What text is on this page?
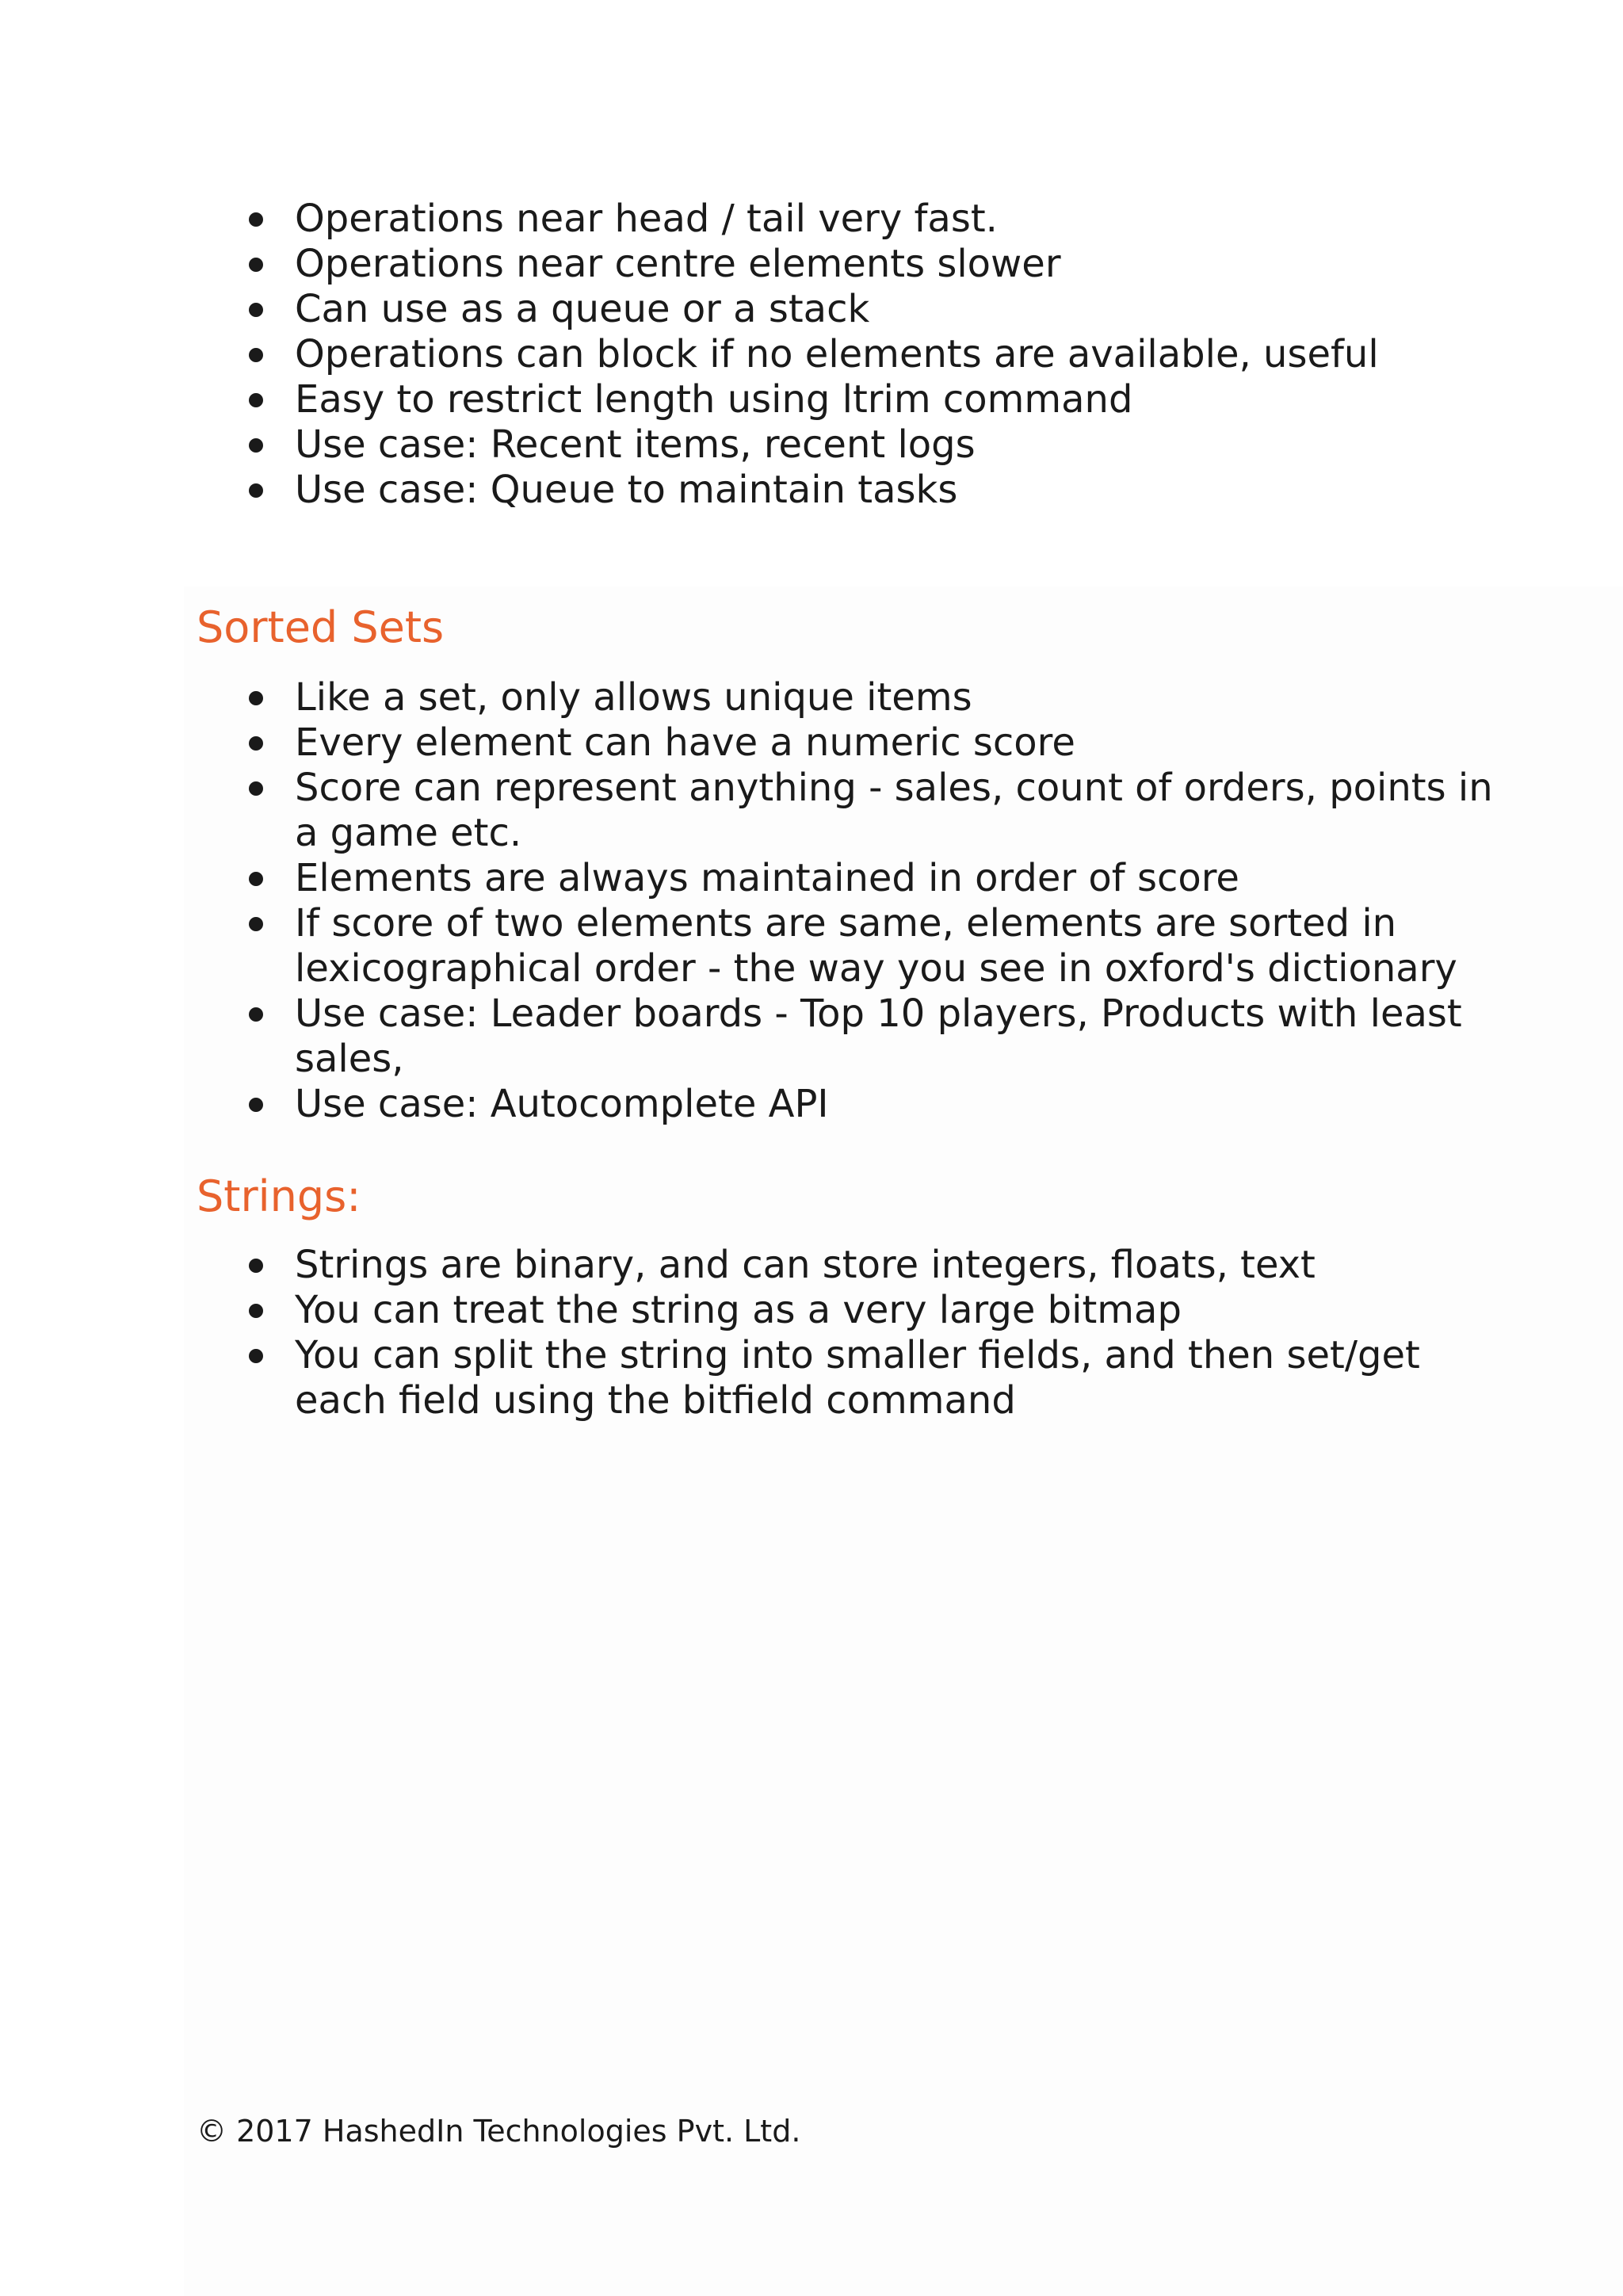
Operations near head / tail very fast.
Operations near centre elements slower
Can use as a queue or a stack
Operations can block if no elements are available, useful
Easy to restrict length using ltrim command
Use case: Recent items, recent logs
Use case: Queue to maintain tasks
Sorted Sets
Like a set, only allows unique items
Every element can have a numeric score
Score can represent anything - sales, count of orders, points in
a game etc.
Elements are always maintained in order of score
If score of two elements are same, elements are sorted in
lexicographical order - the way you see in oxford's dictionary
Use case: Leader boards - Top 10 players, Products with least
sales,
Use case: Autocomplete API
Strings:
Strings are binary, and can store integers, floats, text
You can treat the string as a very large bitmap
You can split the string into smaller fields, and then set/get
each field using the bitfield command
© 2017 HashedIn Technologies Pvt. Ltd.
